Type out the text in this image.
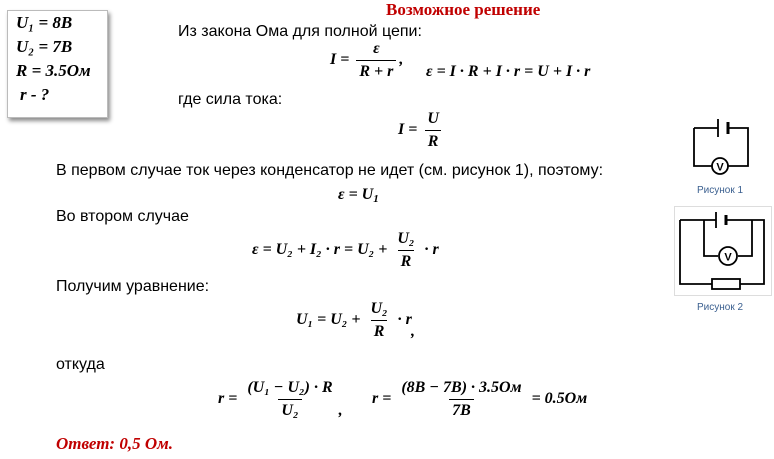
U₁ = 8В
U₂ = 7В
R = 3.5Ом
r - ?
Возможное решение
Из закона Ома для полной цепи:
$I = \frac{\varepsilon}{R + r}$ ,
ε = I · R + I · r = U + I · r
где сила тока:
$I = \frac{U}{R}$
В первом случае ток через конденсатор не идет (см. рисунок 1), поэтому:
$\varepsilon = U_1$
Во втором случае
$\varepsilon = U_2 + I_2 \cdot r = U_2 + \frac{\text{U₂}}{R} \cdot r$
Получим уравнение:
$U_1 = U_2 + \frac{\text{U₂}}{R} \cdot r$,
откуда
$r = \frac{\text{(U₁ − U₂) · R}}{\text{U₂}}$ ,
$r = \frac{(8В - 7В) \cdot 3.5Ом}{7В} = 0.5Ом$
Ответ: 0,5 Ом.
V
Рисунок 1
V
Рисунок 2
